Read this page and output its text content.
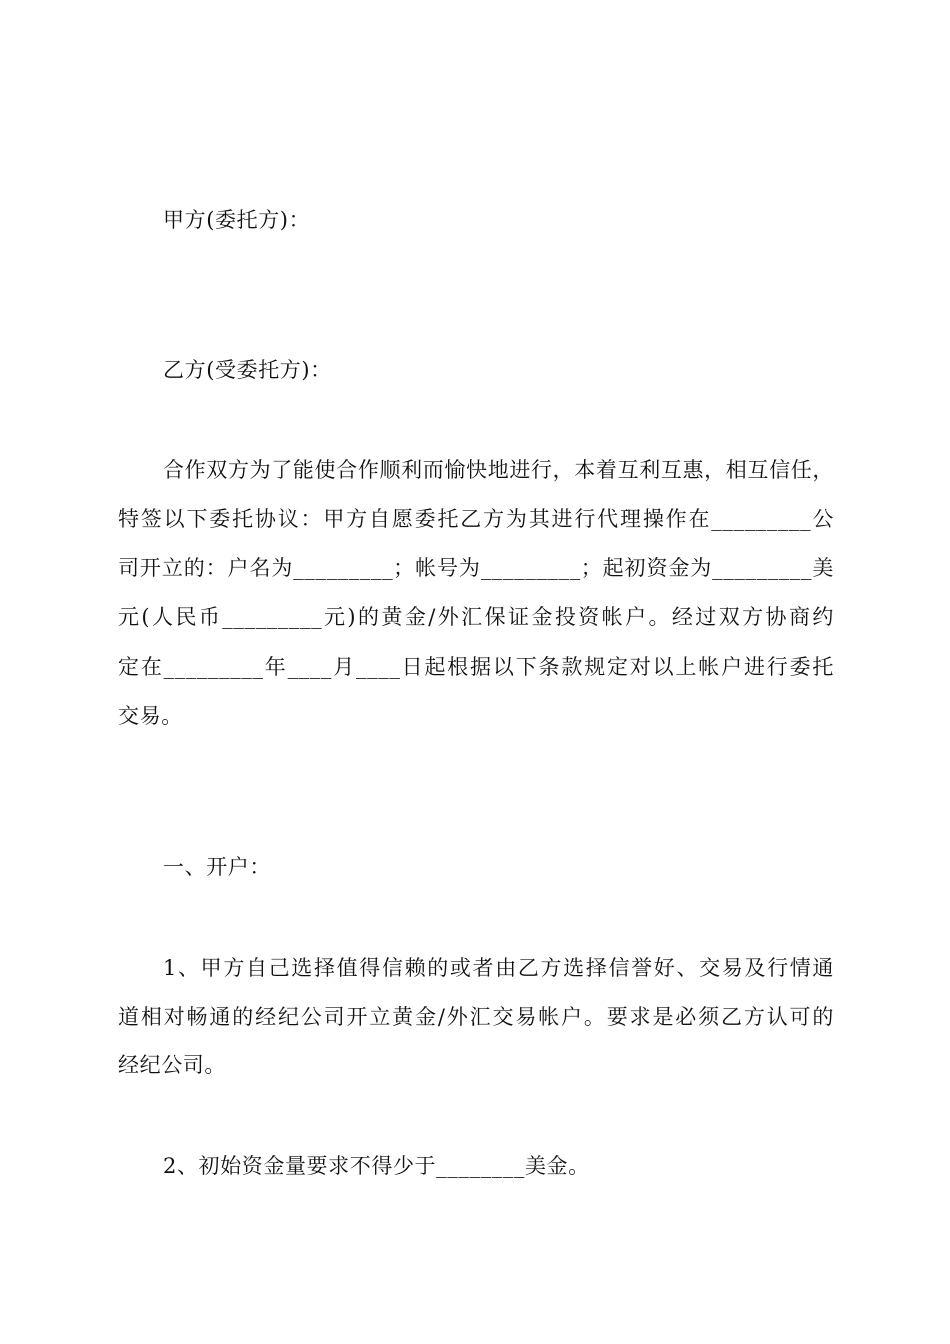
甲方(委托方)：
乙方(受委托方)：
合作双方为了能使合作顺利而愉快地进行，本着互利互惠，相互信任，
特签以下委托协议：甲方自愿委托乙方为其进行代理操作在_________公
司开立的：户名为_________；帐号为_________；起初资金为_________美
元(人民币_________元)的黄金/外汇保证金投资帐户。经过双方协商约
定在_________年____月____日起根据以下条款规定对以上帐户进行委托
交易。
一、开户：
1、甲方自己选择值得信赖的或者由乙方选择信誉好、交易及行情通
道相对畅通的经纪公司开立黄金/外汇交易帐户。要求是必须乙方认可的
经纪公司。
2、初始资金量要求不得少于________美金。
